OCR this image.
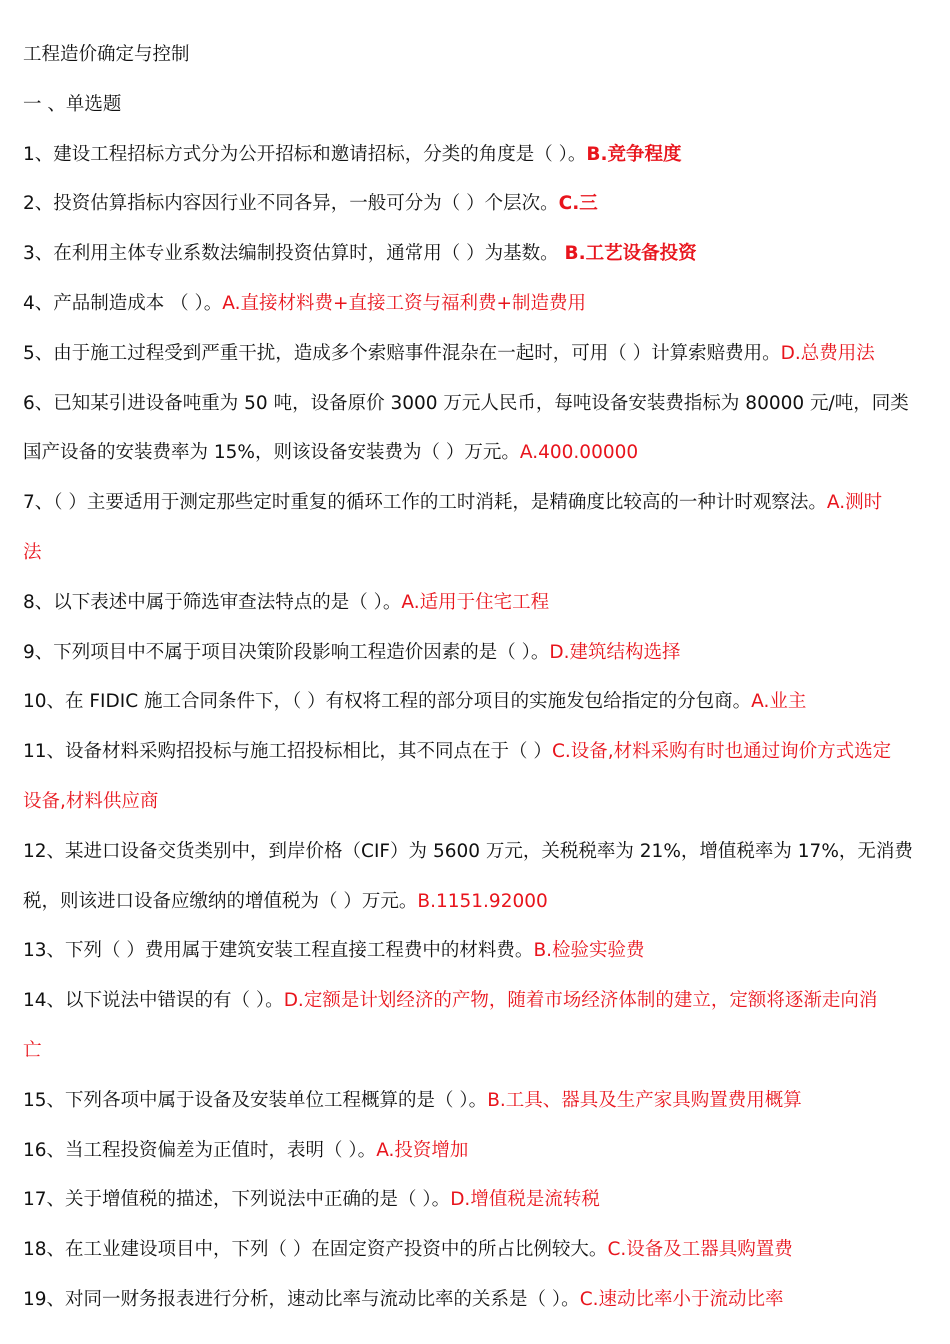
工程造价确定与控制
一 、单选题
1、建设工程招标方式分为公开招标和邀请招标，分类的角度是（ ）。B.竞争程度
2、投资估算指标内容因行业不同各异，一般可分为（ ）个层次。C.三
3、在利用主体专业系数法编制投资估算时，通常用（ ）为基数。 B.工艺设备投资
4、产品制造成本 （ ）。A.直接材料费+直接工资与福利费+制造费用
5、由于施工过程受到严重干扰，造成多个索赔事件混杂在一起时，可用（ ）计算索赔费用。D.总费用法
6、已知某引进设备吨重为 50 吨，设备原价 3000 万元人民币，每吨设备安装费指标为 80000 元/吨，同类
国产设备的安装费率为 15%，则该设备安装费为（ ）万元。A.400.00000
7、（ ）主要适用于测定那些定时重复的循环工作的工时消耗，是精确度比较高的一种计时观察法。A.测时
法
8、以下表述中属于筛选审查法特点的是（ ）。A.适用于住宅工程
9、下列项目中不属于项目决策阶段影响工程造价因素的是（ ）。D.建筑结构选择
10、在 FIDIC 施工合同条件下，（ ）有权将工程的部分项目的实施发包给指定的分包商。A.业主
11、设备材料采购招投标与施工招投标相比，其不同点在于（ ）C.设备,材料采购有时也通过询价方式选定
设备,材料供应商
12、某进口设备交货类别中，到岸价格（CIF）为 5600 万元，关税税率为 21%，增值税率为 17%，无消费
税，则该进口设备应缴纳的增值税为（ ）万元。B.1151.92000
13、下列（ ）费用属于建筑安装工程直接工程费中的材料费。B.检验实验费
14、以下说法中错误的有（ ）。D.定额是计划经济的产物，随着市场经济体制的建立，定额将逐渐走向消
亡
15、下列各项中属于设备及安装单位工程概算的是（ ）。B.工具、器具及生产家具购置费用概算
16、当工程投资偏差为正值时，表明（ ）。A.投资增加
17、关于增值税的描述，下列说法中正确的是（ ）。D.增值税是流转税
18、在工业建设项目中，下列（ ）在固定资产投资中的所占比例较大。C.设备及工器具购置费
19、对同一财务报表进行分析，速动比率与流动比率的关系是（ ）。C.速动比率小于流动比率
